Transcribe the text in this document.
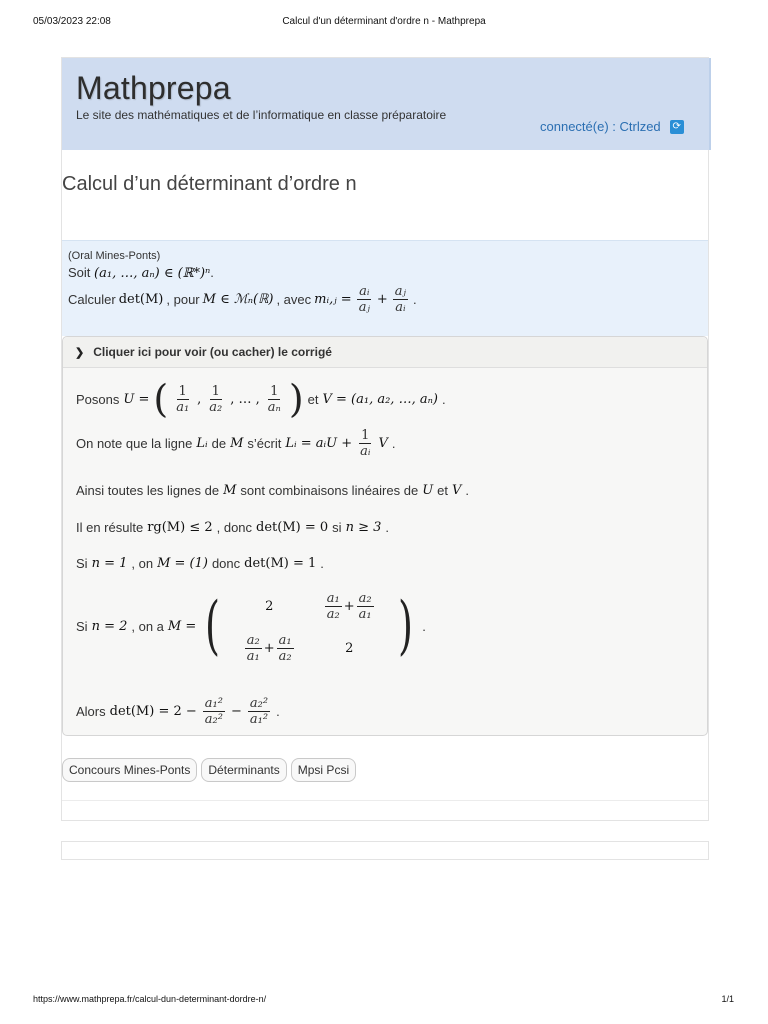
05/03/2023 22:08	Calcul d'un déterminant d'ordre n - Mathprepa
Mathprepa
Le site des mathématiques et de l’informatique en classe préparatoire
connecté(e) : Ctrlzed ⟳
Calcul d’un déterminant d’ordre n
(Oral Mines-Ponts)
Soit (a₁, …, aₙ) ∈ (ℝ*)ⁿ.
Calculer det(M) , pour M ∈ ℳₙ(ℝ) , avec mᵢ,ⱼ = $\frac{\text{aᵢ}}{\text{aⱼ}} + \frac{\text{aⱼ}}{\text{aᵢ}}$ .
❯ Cliquer ici pour voir (ou cacher) le corrigé
Posons U = ( $\frac{1}{\text{a₁}}$ , $\frac{1}{\text{a₂}}$ , … , $\frac{1}{\text{aₙ}}$ ) et V = (a₁, a₂, …, aₙ) .
On note que la ligne Lᵢ de M s’écrit Lᵢ = aᵢU + $\frac{1}{\text{aᵢ}}$ V .
Ainsi toutes les lignes de M sont combinaisons linéaires de U et V .
Il en résulte rg(M) ≤ 2 , donc det(M) = 0 si n ≥ 3 .
Si n = 1 , on M = (1) donc det(M) = 1 .
Si n = 2 , on a M = (	2	$\frac{\text{a₁}}{\text{a₂}} + \frac{\text{a₂}}{\text{a₁}}$
$\frac{\text{a₂}}{\text{a₁}} + \frac{\text{a₁}}{\text{a₂}}$	2 ) .
Alors $\det(M) = 2 - \frac{\text{a₁²}}{\text{a₂²}} - \frac{\text{a₂²}}{\text{a₁²}}$ .
Concours Mines-Ponts	Déterminants	Mpsi Pcsi
https://www.mathprepa.fr/calcul-dun-determinant-dordre-n/	1/1
